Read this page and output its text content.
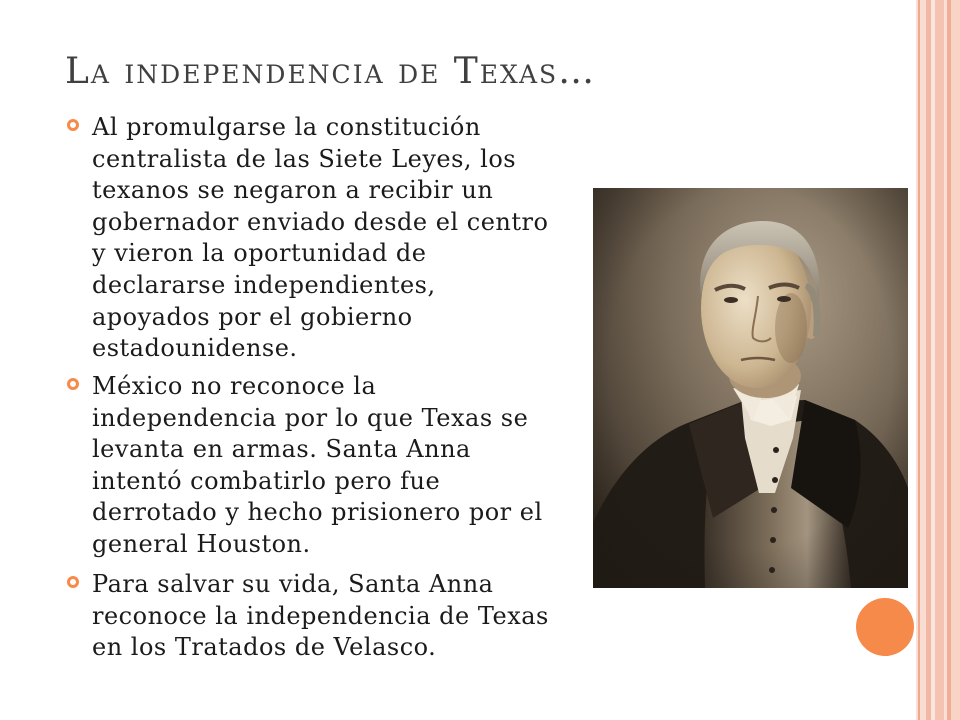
La independencia de Texas…
Al promulgarse la constitución
centralista de las Siete Leyes, los
texanos se negaron a recibir un
gobernador enviado desde el centro
y vieron la oportunidad de
declararse independientes,
apoyados por el gobierno
estadounidense.
México no reconoce la
independencia por lo que Texas se
levanta en armas. Santa Anna
intentó combatirlo pero fue
derrotado y hecho prisionero por el
general Houston.
Para salvar su vida, Santa Anna
reconoce la independencia de Texas
en los Tratados de Velasco.
